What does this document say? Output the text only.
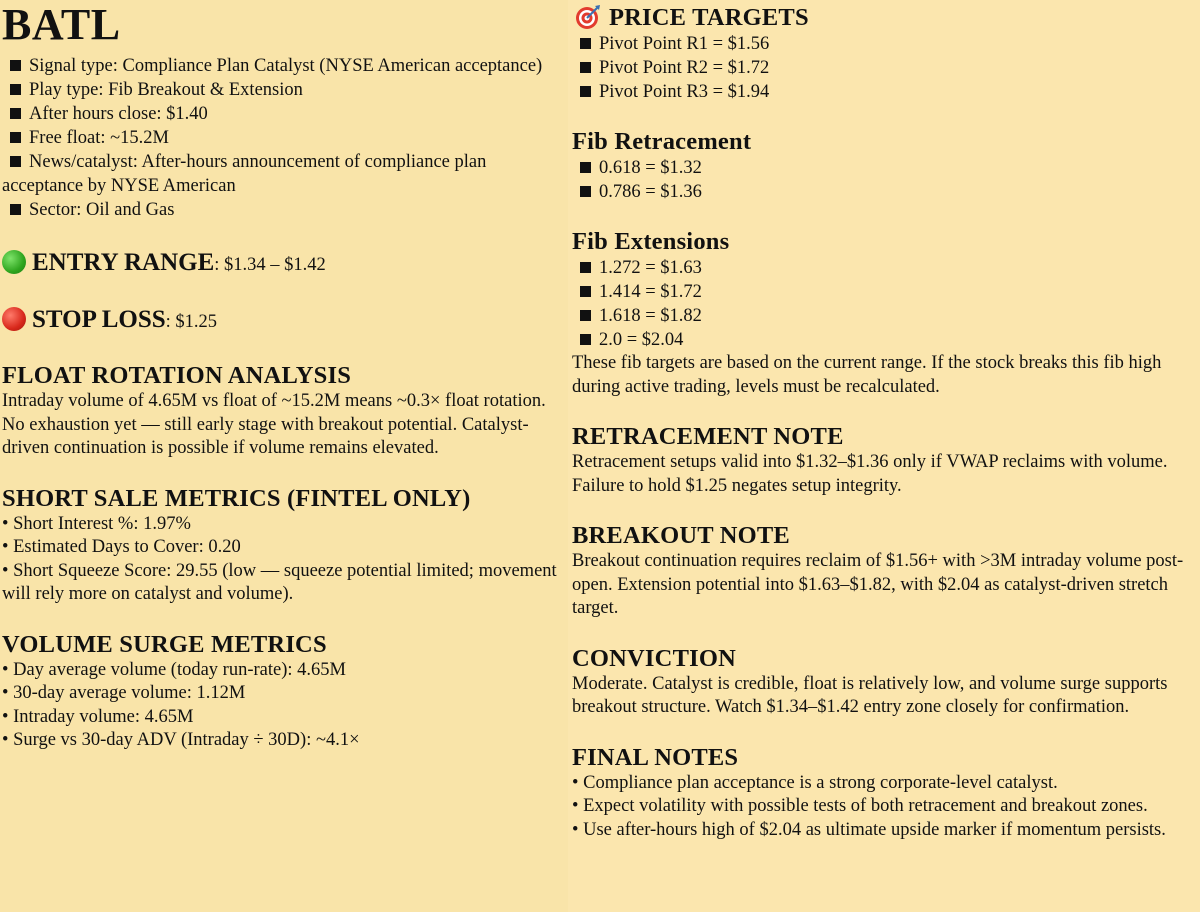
BATL
Signal type: Compliance Plan Catalyst (NYSE American acceptance)
Play type: Fib Breakout & Extension
After hours close: $1.40
Free float: ~15.2M
News/catalyst: After-hours announcement of compliance plan acceptance by NYSE American
Sector: Oil and Gas
ENTRY RANGE: $1.34 – $1.42
STOP LOSS: $1.25
FLOAT ROTATION ANALYSIS
Intraday volume of 4.65M vs float of ~15.2M means ~0.3× float rotation. No exhaustion yet — still early stage with breakout potential. Catalyst-driven continuation is possible if volume remains elevated.
SHORT SALE METRICS (FINTEL ONLY)
• Short Interest %: 1.97%
• Estimated Days to Cover: 0.20
• Short Squeeze Score: 29.55 (low — squeeze potential limited; movement will rely more on catalyst and volume).
VOLUME SURGE METRICS
• Day average volume (today run-rate): 4.65M
• 30-day average volume: 1.12M
• Intraday volume: 4.65M
• Surge vs 30-day ADV (Intraday ÷ 30D): ~4.1×
PRICE TARGETS
Pivot Point R1 = $1.56
Pivot Point R2 = $1.72
Pivot Point R3 = $1.94
Fib Retracement
0.618 = $1.32
0.786 = $1.36
Fib Extensions
1.272 = $1.63
1.414 = $1.72
1.618 = $1.82
2.0 = $2.04
These fib targets are based on the current range. If the stock breaks this fib high during active trading, levels must be recalculated.
RETRACEMENT NOTE
Retracement setups valid into $1.32–$1.36 only if VWAP reclaims with volume. Failure to hold $1.25 negates setup integrity.
BREAKOUT NOTE
Breakout continuation requires reclaim of $1.56+ with >3M intraday volume post-open. Extension potential into $1.63–$1.82, with $2.04 as catalyst-driven stretch target.
CONVICTION
Moderate. Catalyst is credible, float is relatively low, and volume surge supports breakout structure. Watch $1.34–$1.42 entry zone closely for confirmation.
FINAL NOTES
• Compliance plan acceptance is a strong corporate-level catalyst.
• Expect volatility with possible tests of both retracement and breakout zones.
• Use after-hours high of $2.04 as ultimate upside marker if momentum persists.
